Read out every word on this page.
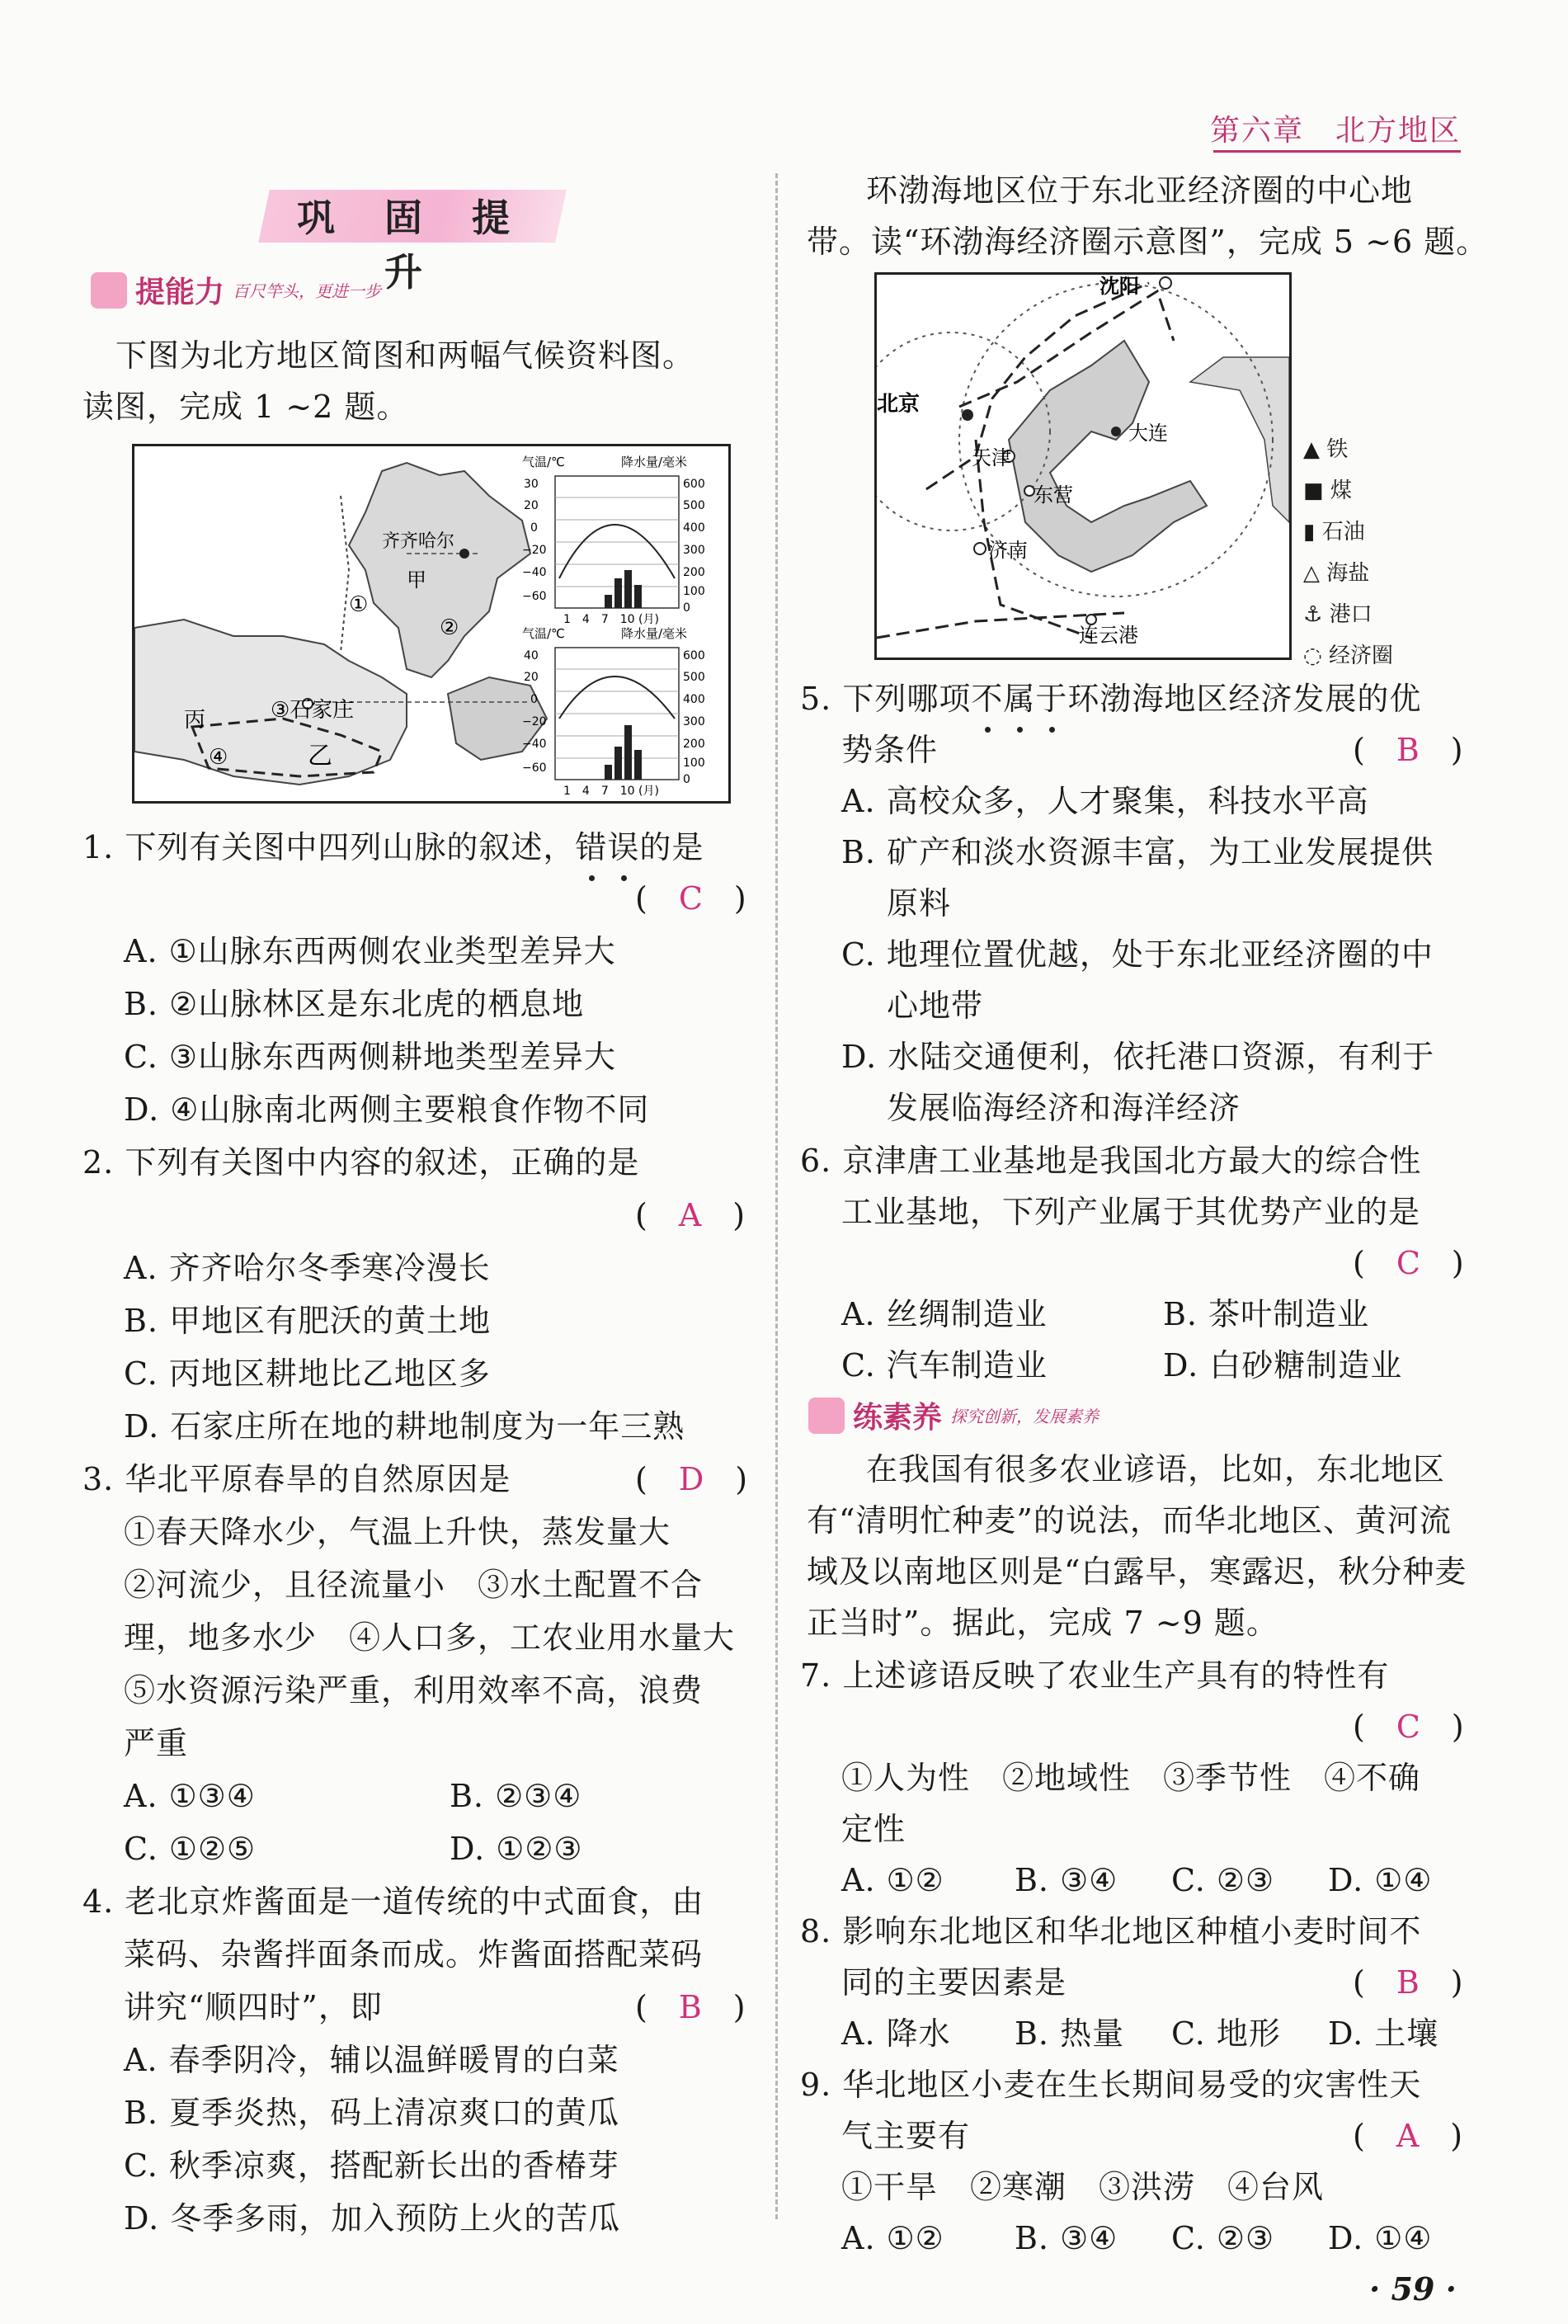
第六章　北方地区
巩 固 提 升
提能力 百尺竿头，更进一步
下图为北方地区简图和两幅气候资料图。
读图，完成 1 ~2 题。
齐齐哈尔
甲
①
②
③石家庄
丙
④	乙
气温/℃	降水量/毫米
30
20
0
−20
−40
−60
600
500
400
300
200
100
0
1　4　7　10 (月)
气温/℃	降水量/毫米
40
20
0
−20
−40
−60
600
500
400
300
200
100
0
1　4　7　10 (月)
1. 下列有关图中四列山脉的叙述，错误的是
(　C　)
A. ①山脉东西两侧农业类型差异大
B. ②山脉林区是东北虎的栖息地
C. ③山脉东西两侧耕地类型差异大
D. ④山脉南北两侧主要粮食作物不同
2. 下列有关图中内容的叙述，正确的是
(　A　)
A. 齐齐哈尔冬季寒冷漫长
B. 甲地区有肥沃的黄土地
C. 丙地区耕地比乙地区多
D. 石家庄所在地的耕地制度为一年三熟
3. 华北平原春旱的自然原因是	(　D　)
①春天降水少，气温上升快，蒸发量大
②河流少，且径流量小　③水土配置不合
理，地多水少　④人口多，工农业用水量大
⑤水资源污染严重，利用效率不高，浪费
严重
A. ①③④	B. ②③④
C. ①②⑤	D. ①②③
4. 老北京炸酱面是一道传统的中式面食，由
菜码、杂酱拌面条而成。炸酱面搭配菜码
讲究“顺四时”，即	(　B　)
A. 春季阴冷，辅以温鲜暖胃的白菜
B. 夏季炎热，码上清凉爽口的黄瓜
C. 秋季凉爽，搭配新长出的香椿芽
D. 冬季多雨，加入预防上火的苦瓜
环渤海地区位于东北亚经济圈的中心地
带。读“环渤海经济圈示意图”，完成 5 ~6 题。
沈阳
北京
天津
大连
东营
济南
连云港
▲ 铁
■ 煤
▮ 石油
△ 海盐
⚓ 港口
◌ 经济圈
5. 下列哪项不属于环渤海地区经济发展的优
势条件	(　B　)
A. 高校众多，人才聚集，科技水平高
B. 矿产和淡水资源丰富，为工业发展提供
原料
C. 地理位置优越，处于东北亚经济圈的中
心地带
D. 水陆交通便利，依托港口资源，有利于
发展临海经济和海洋经济
6. 京津唐工业基地是我国北方最大的综合性
工业基地，下列产业属于其优势产业的是
(　C　)
A. 丝绸制造业	B. 茶叶制造业
C. 汽车制造业	D. 白砂糖制造业
练素养 探究创新，发展素养
在我国有很多农业谚语，比如，东北地区
有“清明忙种麦”的说法，而华北地区、黄河流
域及以南地区则是“白露早，寒露迟，秋分种麦
正当时”。据此，完成 7 ~9 题。
7. 上述谚语反映了农业生产具有的特性有
(　C　)
①人为性　②地域性　③季节性　④不确
定性
A. ①② B. ③④ C. ②③ D. ①④
8. 影响东北地区和华北地区种植小麦时间不
同的主要因素是	(　B　)
A. 降水 B. 热量 C. 地形 D. 土壤
9. 华北地区小麦在生长期间易受的灾害性天
气主要有	(　A　)
①干旱　②寒潮　③洪涝　④台风
A. ①② B. ③④ C. ②③ D. ①④
· 59 ·
